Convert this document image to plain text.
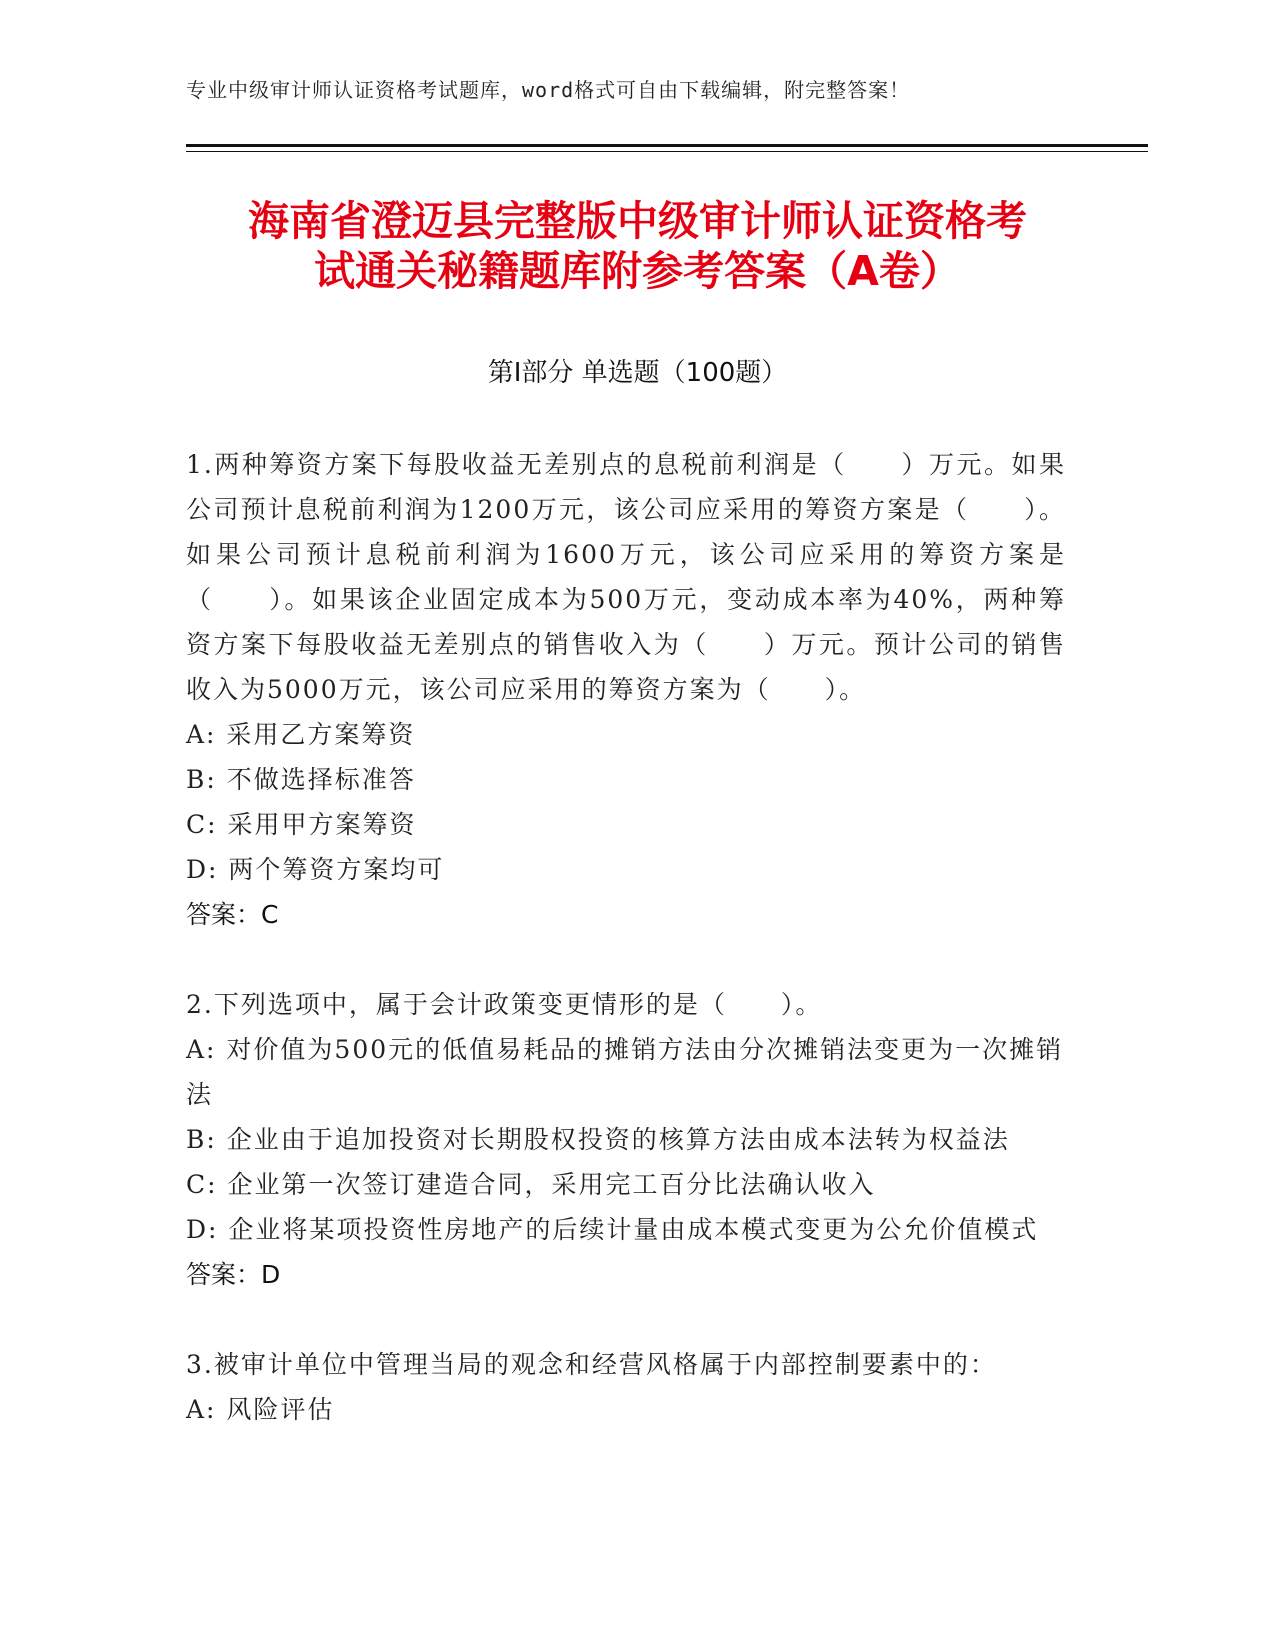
专业中级审计师认证资格考试题库，word格式可自由下载编辑，附完整答案！
海南省澄迈县完整版中级审计师认证资格考
试通关秘籍题库附参考答案（A卷）
第Ⅰ部分 单选题（100题）
1.两种筹资方案下每股收益无差别点的息税前利润是（　　）万元。如果公司预计息税前利润为1200万元，该公司应采用的筹资方案是（　　）。如果公司预计息税前利润为1600万元，该公司应采用的筹资方案是（　　）。如果该企业固定成本为500万元，变动成本率为40%，两种筹资方案下每股收益无差别点的销售收入为（　　）万元。预计公司的销售收入为5000万元，该公司应采用的筹资方案为（　　）。
A: 采用乙方案筹资
B: 不做选择标准答
C: 采用甲方案筹资
D: 两个筹资方案均可
答案：C
2.下列选项中，属于会计政策变更情形的是（　　）。
A: 对价值为500元的低值易耗品的摊销方法由分次摊销法变更为一次摊销法
B: 企业由于追加投资对长期股权投资的核算方法由成本法转为权益法
C: 企业第一次签订建造合同，采用完工百分比法确认收入
D: 企业将某项投资性房地产的后续计量由成本模式变更为公允价值模式
答案：D
3.被审计单位中管理当局的观念和经营风格属于内部控制要素中的：
A: 风险评估
